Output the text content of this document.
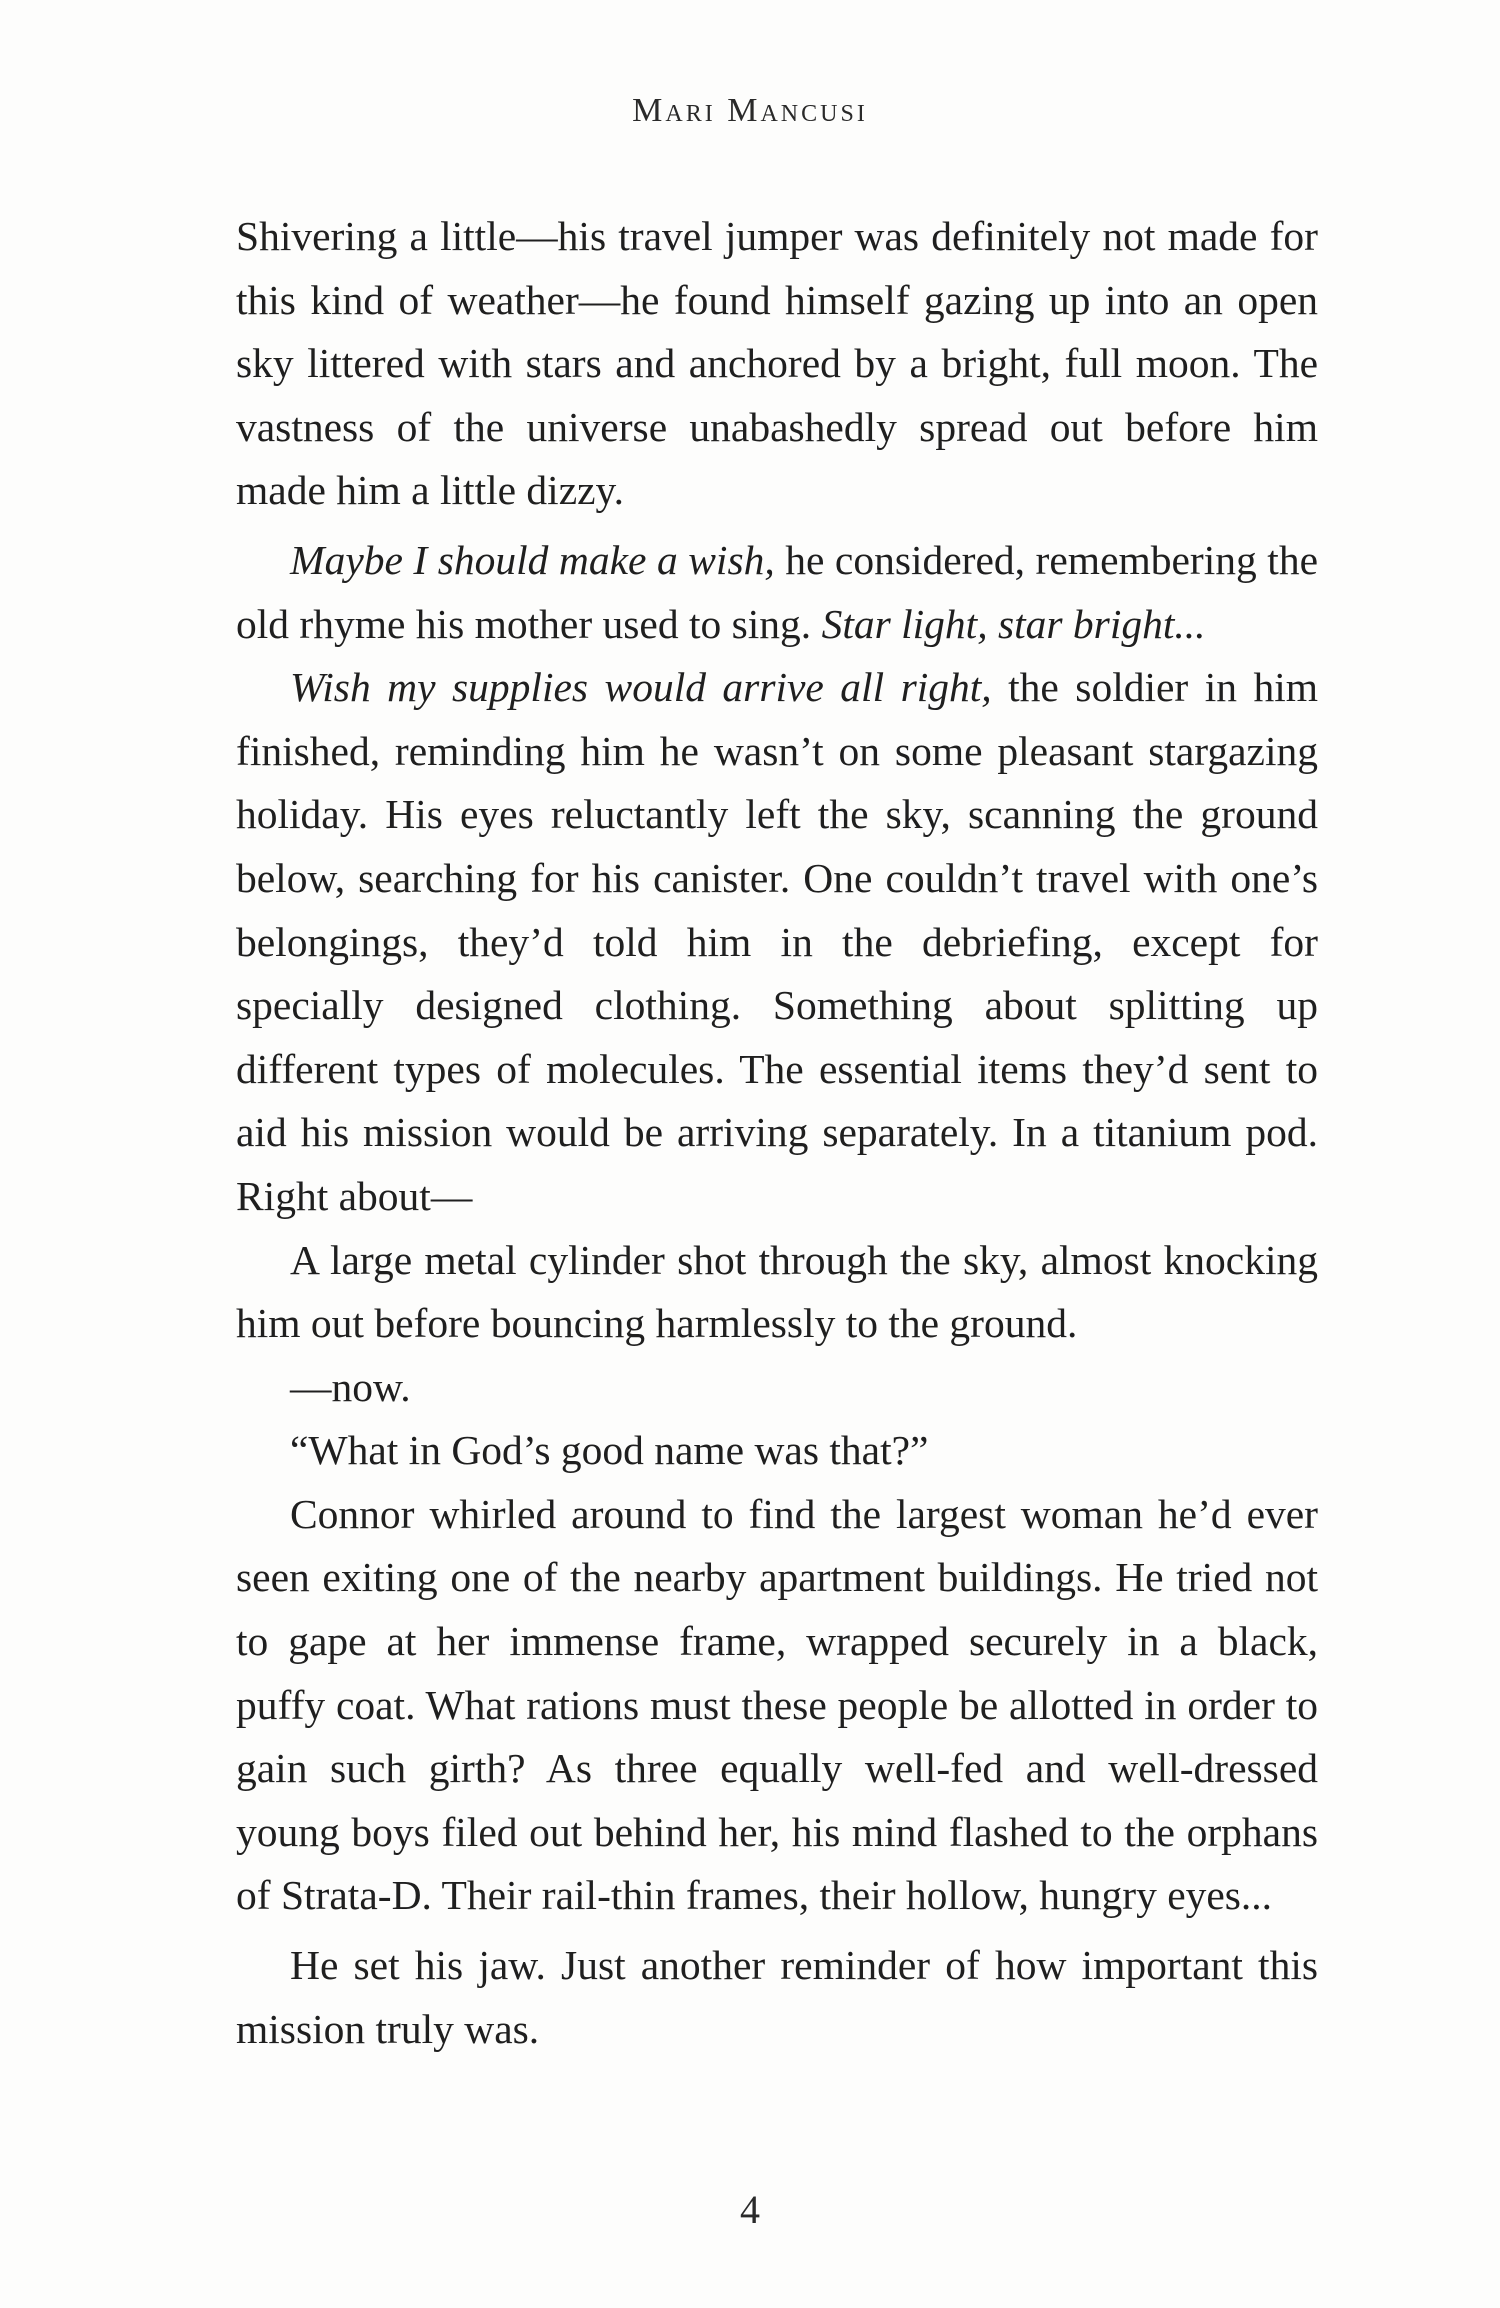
Mari Mancusi

Shivering a little—his travel jumper was definitely not made for this kind of weather—he found himself gazing up into an open sky littered with stars and anchored by a bright, full moon. The vastness of the universe unabashedly spread out before him made him a little dizzy.

Maybe I should make a wish, he considered, remembering the old rhyme his mother used to sing. Star light, star bright...

Wish my supplies would arrive all right, the soldier in him finished, reminding him he wasn’t on some pleasant stargazing holiday. His eyes reluctantly left the sky, scanning the ground below, searching for his canister. One couldn’t travel with one’s belongings, they’d told him in the debriefing, except for specially designed clothing. Something about splitting up different types of molecules. The essential items they’d sent to aid his mission would be arriving separately. In a titanium pod. Right about—

A large metal cylinder shot through the sky, almost knocking him out before bouncing harmlessly to the ground.

—now.

“What in God’s good name was that?”

Connor whirled around to find the largest woman he’d ever seen exiting one of the nearby apartment buildings. He tried not to gape at her immense frame, wrapped securely in a black, puffy coat. What rations must these people be allotted in order to gain such girth? As three equally well-fed and well-dressed young boys filed out behind her, his mind flashed to the orphans of Strata-D. Their rail-thin frames, their hollow, hungry eyes...

He set his jaw. Just another reminder of how important this mission truly was.

4
